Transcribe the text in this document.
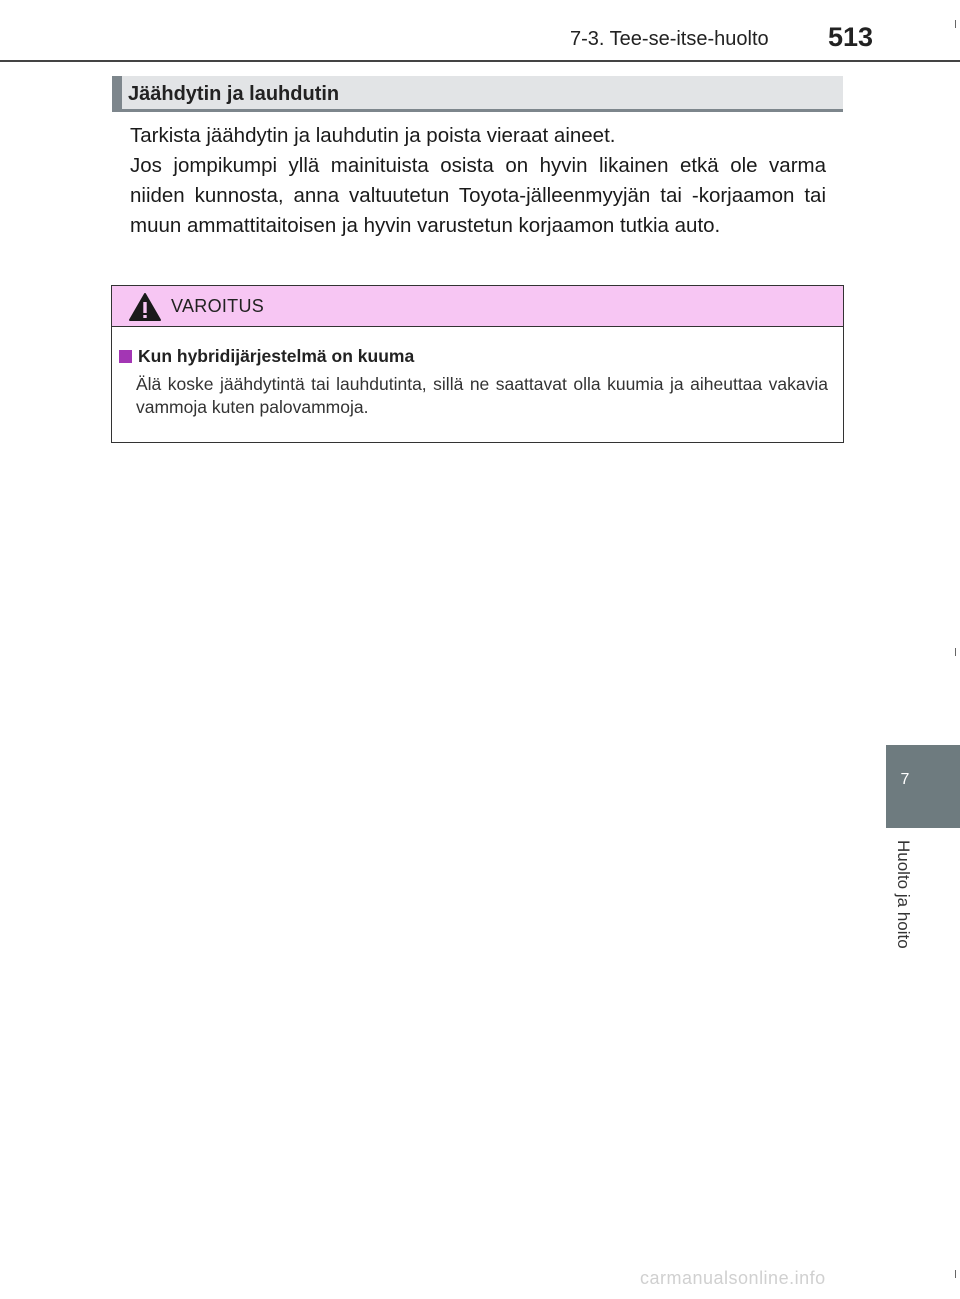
7-3. Tee-se-itse-huolto 513
7
Huolto ja hoito
Jäähdytin ja lauhdutin

Tarkista jäähdytin ja lauhdutin ja poista vieraat aineet.

Jos jompikumpi yllä mainituista osista on hyvin likainen etkä ole varma niiden kunnosta, anna valtuutetun Toyota-jälleenmyyjän tai -korjaamon tai muun ammattitaitoisen ja hyvin varustetun korjaamon tutkia auto.

VAROITUS
Kun hybridijärjestelmä on kuuma
Älä koske jäähdytintä tai lauhdutinta, sillä ne saattavat olla kuumia ja aiheuttaa vakavia vammoja kuten palovammoja.
carmanualsonline.info
